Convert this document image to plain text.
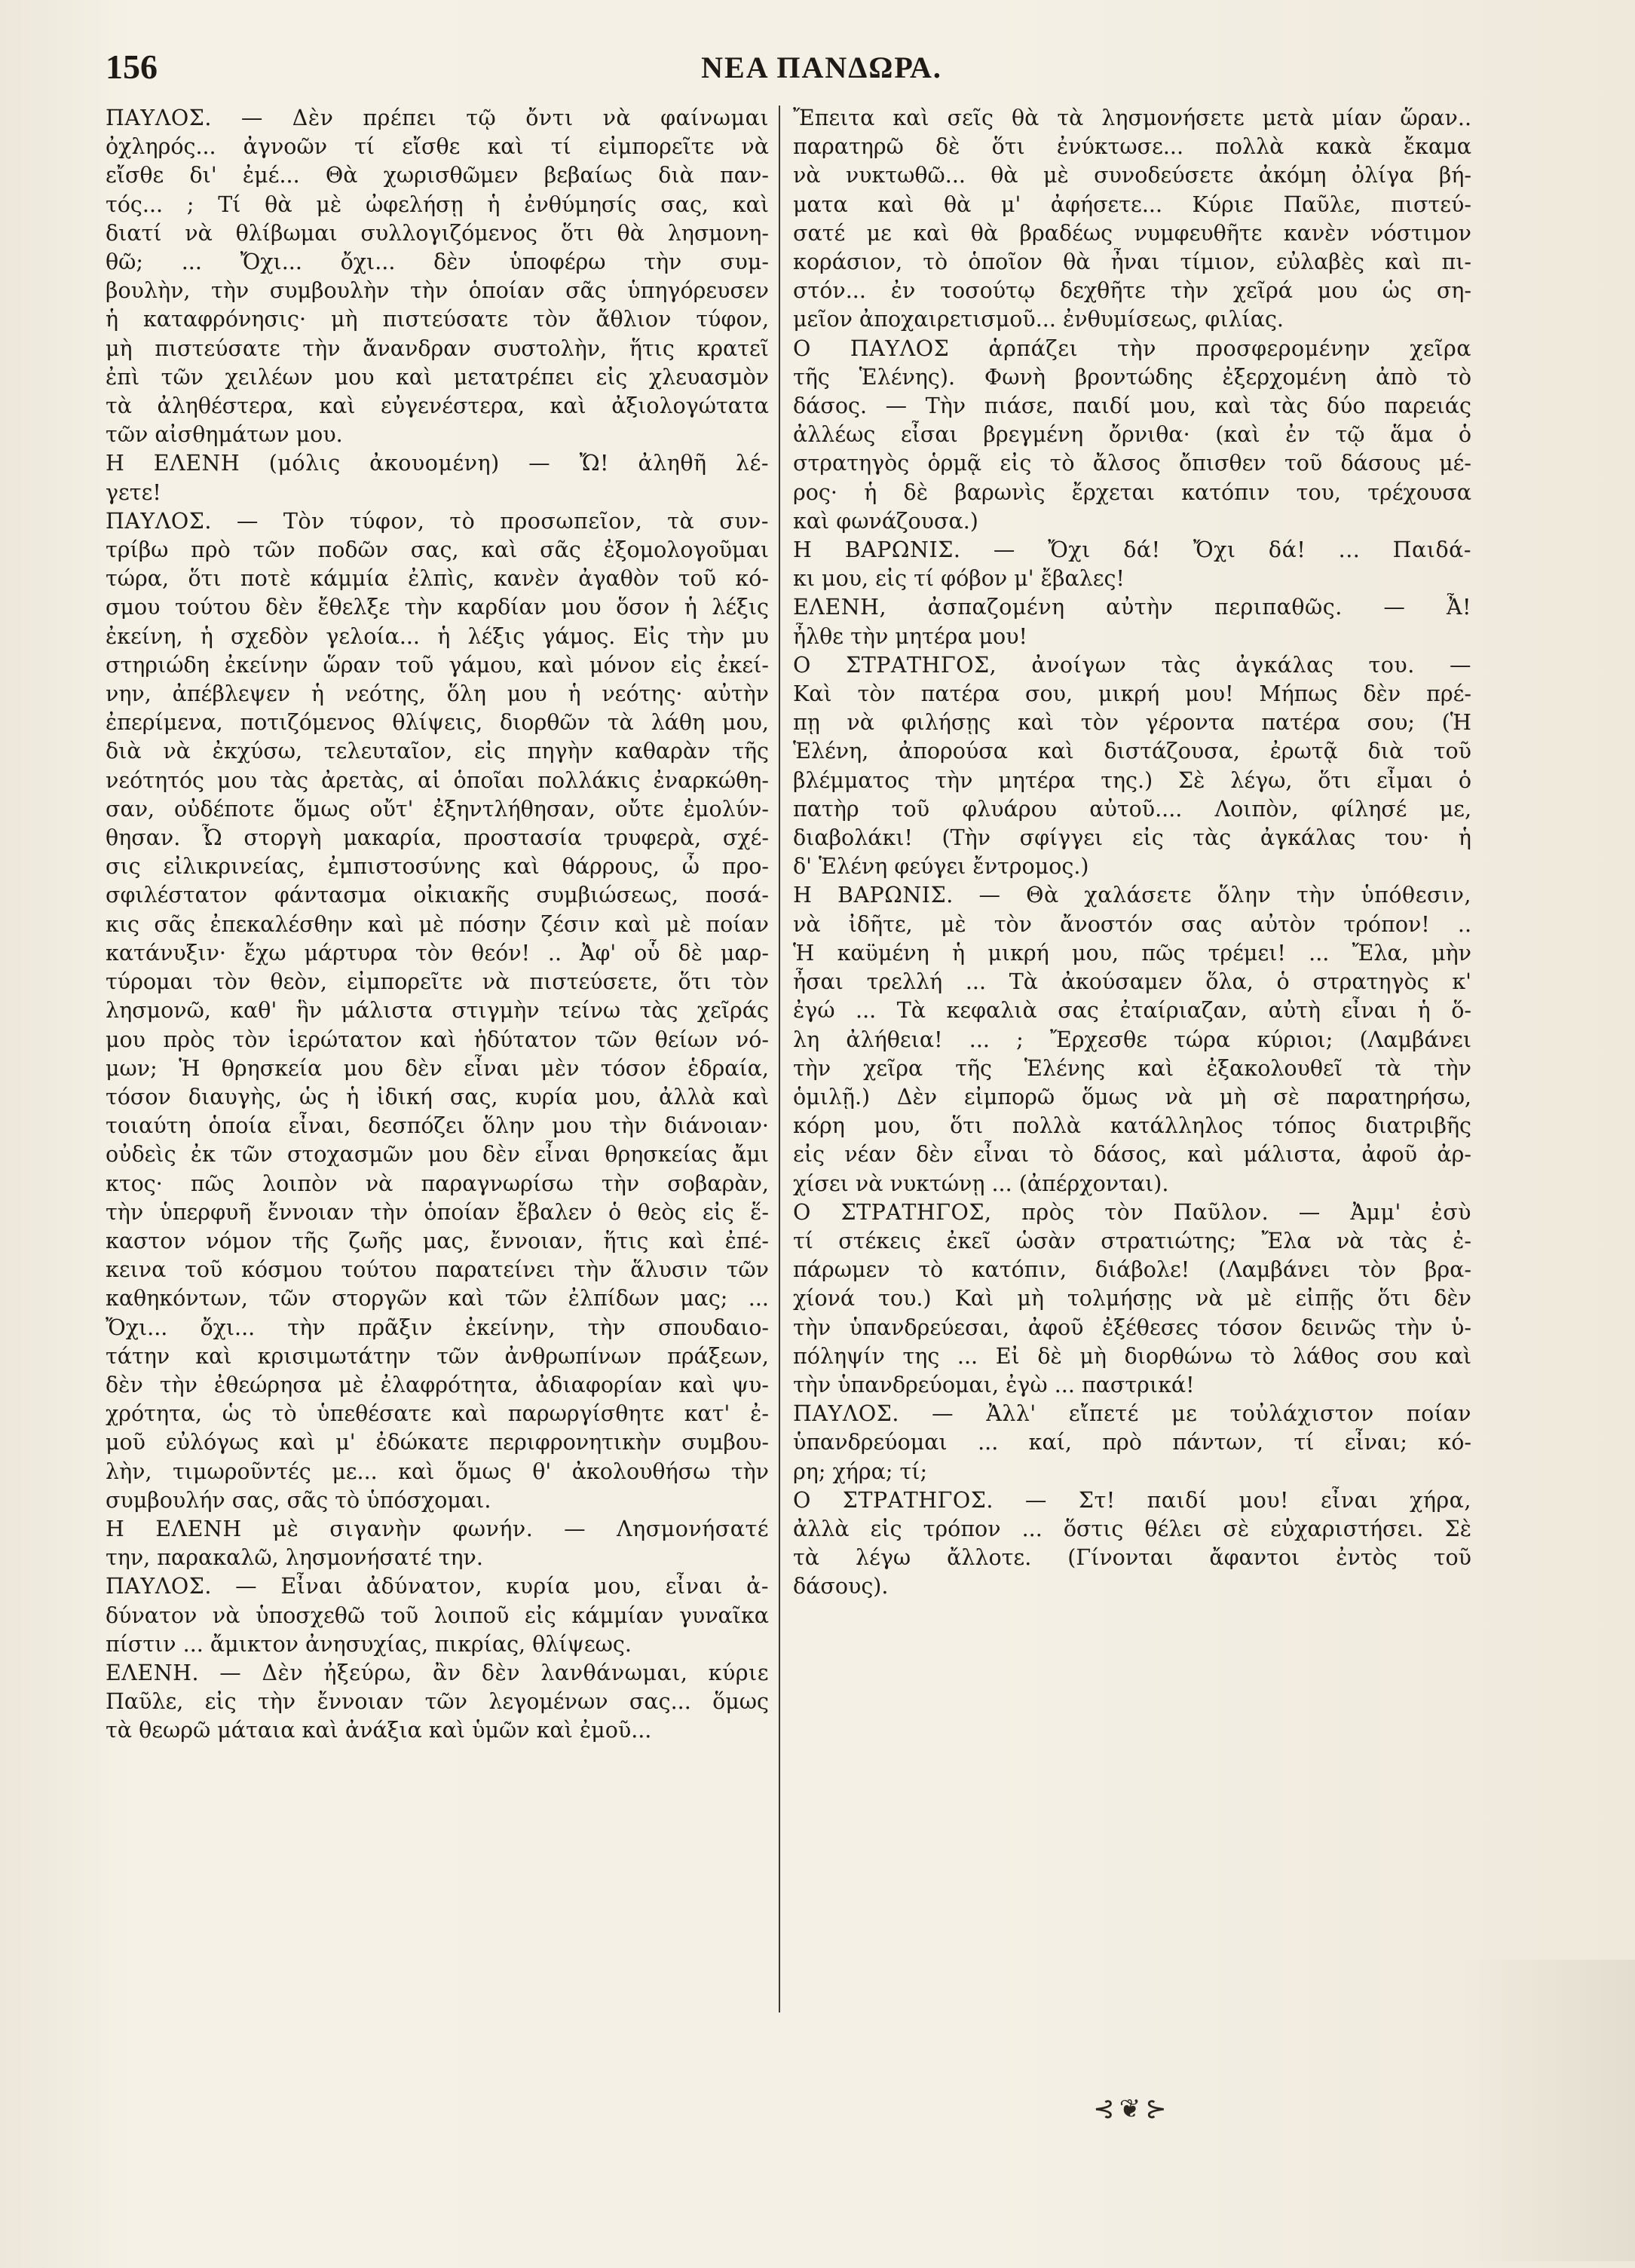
156	ΝΕΑ ΠΑΝΔΩΡΑ.
ΠΑΥΛΟΣ. — Δὲν πρέπει τῷ ὄντι νὰ φαίνωμαι
ὀχληρός... ἀγνοῶν τί εἴσθε καὶ τί εἰμπορεῖτε νὰ
εἴσθε δι' ἐμέ... Θὰ χωρισθῶμεν βεβαίως διὰ παν-
τός... ; Τί θὰ μὲ ὠφελήσῃ ἡ ἐνθύμησίς σας, καὶ
διατί νὰ θλίβωμαι συλλογιζόμενος ὅτι θὰ λησμονη-
θῶ; ... Ὄχι... ὄχι... δὲν ὑποφέρω τὴν συμ-
βουλὴν, τὴν συμβουλὴν τὴν ὁποίαν σᾶς ὑπηγόρευσεν
ἡ καταφρόνησις· μὴ πιστεύσατε τὸν ἄθλιον τύφον,
μὴ πιστεύσατε τὴν ἄνανδραν συστολὴν, ἥτις κρατεῖ
ἐπὶ τῶν χειλέων μου καὶ μετατρέπει εἰς χλευασμὸν
τὰ ἀληθέστερα, καὶ εὐγενέστερα, καὶ ἀξιολογώτατα
τῶν αἰσθημάτων μου.
Η ΕΛΕΝΗ (μόλις ἀκουομένη) — Ὤ! ἀληθῆ λέ-
γετε!
ΠΑΥΛΟΣ. — Τὸν τύφον, τὸ προσωπεῖον, τὰ συν-
τρίβω πρὸ τῶν ποδῶν σας, καὶ σᾶς ἐξομολογοῦμαι
τώρα, ὅτι ποτὲ κάμμία ἐλπὶς, κανὲν ἀγαθὸν τοῦ κό-
σμου τούτου δὲν ἔθελξε τὴν καρδίαν μου ὅσον ἡ λέξις
ἐκείνη, ἡ σχεδὸν γελοία... ἡ λέξις γάμος. Εἰς τὴν μυ
στηριώδη ἐκείνην ὥραν τοῦ γάμου, καὶ μόνον εἰς ἐκεί-
νην, ἀπέβλεψεν ἡ νεότης, ὅλη μου ἡ νεότης· αὐτὴν
ἐπερίμενα, ποτιζόμενος θλίψεις, διορθῶν τὰ λάθη μου,
διὰ νὰ ἐκχύσω, τελευταῖον, εἰς πηγὴν καθαρὰν τῆς
νεότητός μου τὰς ἀρετὰς, αἱ ὁποῖαι πολλάκις ἐναρκώθη-
σαν, οὐδέποτε ὅμως οὔτ' ἐξηντλήθησαν, οὔτε ἐμολύν-
θησαν. Ὦ στοργὴ μακαρία, προστασία τρυφερὰ, σχέ-
σις εἰλικρινείας, ἐμπιστοσύνης καὶ θάρρους, ὦ προ-
σφιλέστατον φάντασμα οἰκιακῆς συμβιώσεως, ποσά-
κις σᾶς ἐπεκαλέσθην καὶ μὲ πόσην ζέσιν καὶ μὲ ποίαν
κατάνυξιν· ἔχω μάρτυρα τὸν θεόν! .. Ἀφ' οὗ δὲ μαρ-
τύρομαι τὸν θεὸν, εἰμπορεῖτε νὰ πιστεύσετε, ὅτι τὸν
λησμονῶ, καθ' ἣν μάλιστα στιγμὴν τείνω τὰς χεῖράς
μου πρὸς τὸν ἱερώτατον καὶ ἡδύτατον τῶν θείων νό-
μων; Ἡ θρησκεία μου δὲν εἶναι μὲν τόσον ἑδραία,
τόσον διαυγὴς, ὡς ἡ ἰδική σας, κυρία μου, ἀλλὰ καὶ
τοιαύτη ὁποία εἶναι, δεσπόζει ὅλην μου τὴν διάνοιαν·
οὐδεὶς ἐκ τῶν στοχασμῶν μου δὲν εἶναι θρησκείας ἄμι
κτος· πῶς λοιπὸν νὰ παραγνωρίσω τὴν σοβαρὰν,
τὴν ὑπερφυῆ ἔννοιαν τὴν ὁποίαν ἔβαλεν ὁ θεὸς εἰς ἕ-
καστον νόμον τῆς ζωῆς μας, ἔννοιαν, ἥτις καὶ ἐπέ-
κεινα τοῦ κόσμου τούτου παρατείνει τὴν ἅλυσιν τῶν
καθηκόντων, τῶν στοργῶν καὶ τῶν ἐλπίδων μας; ...
Ὄχι... ὄχι... τὴν πρᾶξιν ἐκείνην, τὴν σπουδαιο-
τάτην καὶ κρισιμωτάτην τῶν ἀνθρωπίνων πράξεων,
δὲν τὴν ἐθεώρησα μὲ ἐλαφρότητα, ἀδιαφορίαν καὶ ψυ-
χρότητα, ὡς τὸ ὑπεθέσατε καὶ παρωργίσθητε κατ' ἐ-
μοῦ εὐλόγως καὶ μ' ἐδώκατε περιφρονητικὴν συμβου-
λὴν, τιμωροῦντές με... καὶ ὅμως θ' ἀκολουθήσω τὴν
συμβουλήν σας, σᾶς τὸ ὑπόσχομαι.
Η ΕΛΕΝΗ μὲ σιγανὴν φωνήν. — Λησμονήσατέ
την, παρακαλῶ, λησμονήσατέ την.
ΠΑΥΛΟΣ. — Εἶναι ἀδύνατον, κυρία μου, εἶναι ἀ-
δύνατον νὰ ὑποσχεθῶ τοῦ λοιποῦ εἰς κάμμίαν γυναῖκα
πίστιν ... ἄμικτον ἀνησυχίας, πικρίας, θλίψεως.
ΕΛΕΝΗ. — Δὲν ἠξεύρω, ἂν δὲν λανθάνωμαι, κύριε
Παῦλε, εἰς τὴν ἔννοιαν τῶν λεγομένων σας... ὅμως
τὰ θεωρῶ μάταια καὶ ἀνάξια καὶ ὑμῶν καὶ ἐμοῦ...
Ἔπειτα καὶ σεῖς θὰ τὰ λησμονήσετε μετὰ μίαν ὥραν..
παρατηρῶ δὲ ὅτι ἐνύκτωσε... πολλὰ κακὰ ἔκαμα
νὰ νυκτωθῶ... θὰ μὲ συνοδεύσετε ἀκόμη ὀλίγα βή-
ματα καὶ θὰ μ' ἀφήσετε... Κύριε Παῦλε, πιστεύ-
σατέ με καὶ θὰ βραδέως νυμφευθῆτε κανὲν νόστιμον
κοράσιον, τὸ ὁποῖον θὰ ἦναι τίμιον, εὐλαβὲς καὶ πι-
στόν... ἐν τοσούτῳ δεχθῆτε τὴν χεῖρά μου ὡς ση-
μεῖον ἀποχαιρετισμοῦ... ἐνθυμίσεως, φιλίας.
Ο ΠΑΥΛΟΣ ἁρπάζει τὴν προσφερομένην χεῖρα
τῆς Ἑλένης). Φωνὴ βροντώδης ἐξερχομένη ἀπὸ τὸ
δάσος. — Τὴν πιάσε, παιδί μου, καὶ τὰς δύο παρειάς
ἀλλέως εἶσαι βρεγμένη ὄρνιθα· (καὶ ἐν τῷ ἅμα ὁ
στρατηγὸς ὁρμᾷ εἰς τὸ ἄλσος ὄπισθεν τοῦ δάσους μέ-
ρος· ἡ δὲ βαρωνὶς ἔρχεται κατόπιν του, τρέχουσα
καὶ φωνάζουσα.)
Η ΒΑΡΩΝΙΣ. — Ὄχι δά! Ὄχι δά! ... Παιδά-
κι μου, εἰς τί φόβον μ' ἔβαλες!
ΕΛΕΝΗ, ἀσπαζομένη αὐτὴν περιπαθῶς. — Ἆ!
ἦλθε τὴν μητέρα μου!
Ο ΣΤΡΑΤΗΓΟΣ, ἀνοίγων τὰς ἀγκάλας του. —
Καὶ τὸν πατέρα σου, μικρή μου! Μήπως δὲν πρέ-
πῃ νὰ φιλήσῃς καὶ τὸν γέροντα πατέρα σου; (Ἡ
Ἑλένη, ἀπορούσα καὶ διστάζουσα, ἐρωτᾷ διὰ τοῦ
βλέμματος τὴν μητέρα της.) Σὲ λέγω, ὅτι εἶμαι ὁ
πατὴρ τοῦ φλυάρου αὐτοῦ.... Λοιπὸν, φίλησέ με,
διαβολάκι! (Τὴν σφίγγει εἰς τὰς ἀγκάλας του· ἡ
δ' Ἑλένη φεύγει ἔντρομος.)
Η ΒΑΡΩΝΙΣ. — Θὰ χαλάσετε ὅλην τὴν ὑπόθεσιν,
νὰ ἰδῆτε, μὲ τὸν ἄνοστόν σας αὐτὸν τρόπον! ..
Ἡ καϋμένη ἡ μικρή μου, πῶς τρέμει! ... Ἔλα, μὴν
ἦσαι τρελλή ... Τὰ ἀκούσαμεν ὅλα, ὁ στρατηγὸς κ'
ἐγώ ... Τὰ κεφαλιὰ σας ἐταίριαζαν, αὐτὴ εἶναι ἡ ὅ-
λη ἀλήθεια! ... ; Ἔρχεσθε τώρα κύριοι; (Λαμβάνει
τὴν χεῖρα τῆς Ἑλένης καὶ ἐξακολουθεῖ τὰ τὴν
ὁμιλῇ.) Δὲν εἰμπορῶ ὅμως νὰ μὴ σὲ παρατηρήσω,
κόρη μου, ὅτι πολλὰ κατάλληλος τόπος διατριβῆς
εἰς νέαν δὲν εἶναι τὸ δάσος, καὶ μάλιστα, ἀφοῦ ἀρ-
χίσει νὰ νυκτώνῃ ... (ἀπέρχονται).
Ο ΣΤΡΑΤΗΓΟΣ, πρὸς τὸν Παῦλον. — Ἀμμ' ἐσὺ
τί στέκεις ἐκεῖ ὡσὰν στρατιώτης; Ἔλα νὰ τὰς ἐ-
πάρωμεν τὸ κατόπιν, διάβολε! (Λαμβάνει τὸν βρα-
χίονά του.) Καὶ μὴ τολμήσῃς νὰ μὲ εἰπῇς ὅτι δὲν
τὴν ὑπανδρεύεσαι, ἀφοῦ ἐξέθεσες τόσον δεινῶς τὴν ὑ-
πόληψίν της ... Εἰ δὲ μὴ διορθώνω τὸ λάθος σου καὶ
τὴν ὑπανδρεύομαι, ἐγὼ ... παστρικά!
ΠΑΥΛΟΣ. — Ἀλλ' εἴπετέ με τοὐλάχιστον ποίαν
ὑπανδρεύομαι ... καί, πρὸ πάντων, τί εἶναι; κό-
ρη; χήρα; τί;
Ο ΣΤΡΑΤΗΓΟΣ. — Στ! παιδί μου! εἶναι χήρα,
ἀλλὰ εἰς τρόπον ... ὅστις θέλει σὲ εὐχαριστήσει. Σὲ
τὰ λέγω ἄλλοτε. (Γίνονται ἄφαντοι ἐντὸς τοῦ
δάσους).
⊰❦⊱
